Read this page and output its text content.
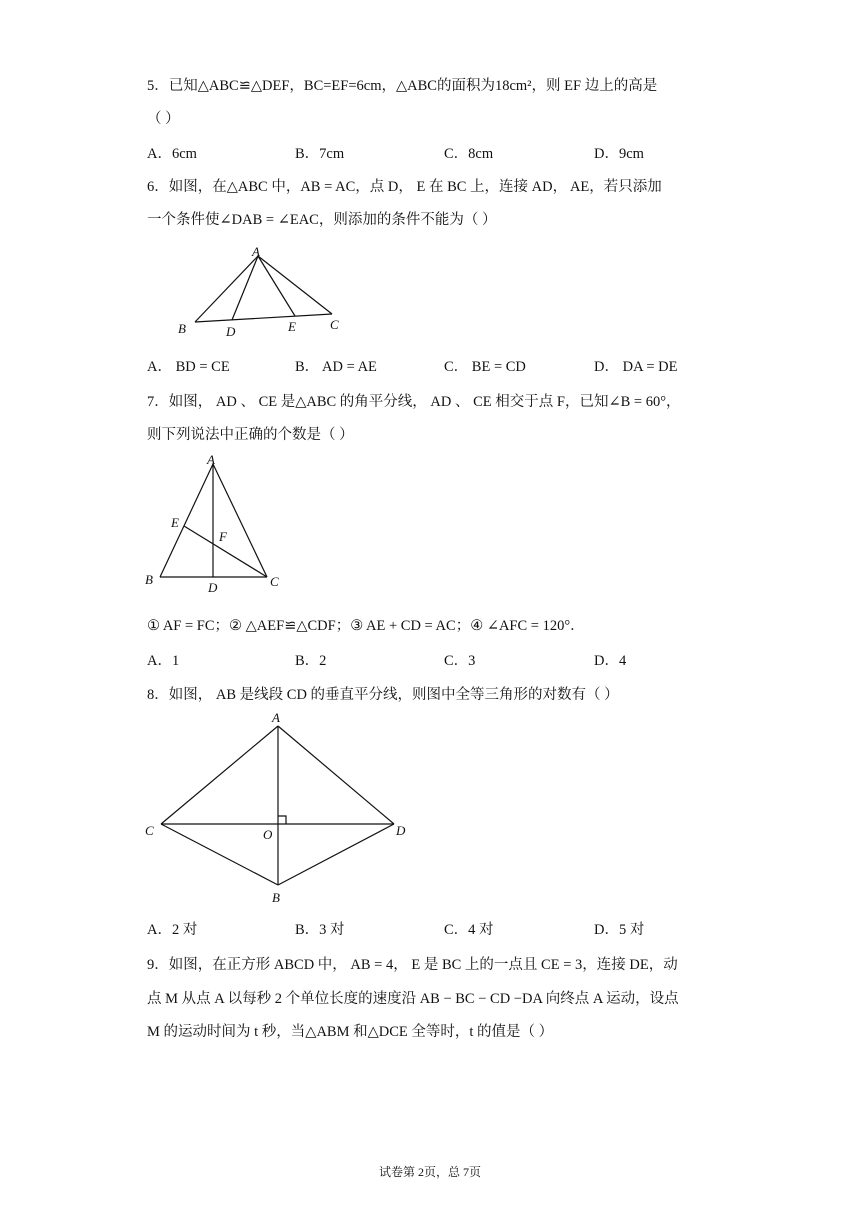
5．已知△ABC≌△DEF，BC=EF=6cm，△ABC的面积为18cm²，则 EF 边上的高是
（ ）
A．6cm	B．7cm	C．8cm	D．9cm
6．如图，在△ABC 中，AB = AC，点 D， E 在 BC 上，连接 AD， AE，若只添加
一个条件使∠DAB = ∠EAC，则添加的条件不能为（ ）
A
B	D	E	C
A． BD = CE	B． AD = AE	C． BE = CD	D． DA = DE
7．如图， AD 、 CE 是△ABC 的角平分线， AD 、 CE 相交于点 F，已知∠B = 60°，
则下列说法中正确的个数是（ ）
A
E
F
B
D	C
① AF = FC；② △AEF≌△CDF；③ AE + CD = AC；④ ∠AFC = 120°．
A．1	B．2	C．3	D．4
8．如图， AB 是线段 CD 的垂直平分线，则图中全等三角形的对数有（ ）
A
C	O	D
B
A．2 对	B．3 对	C．4 对	D．5 对
9．如图，在正方形 ABCD 中， AB = 4， E 是 BC 上的一点且 CE = 3，连接 DE，动
点 M 从点 A 以每秒 2 个单位长度的速度沿 AB − BC − CD −DA 向终点 A 运动，设点
M 的运动时间为 t 秒，当△ABM 和△DCE 全等时，t 的值是（ ）
试卷第 2页，总 7页
